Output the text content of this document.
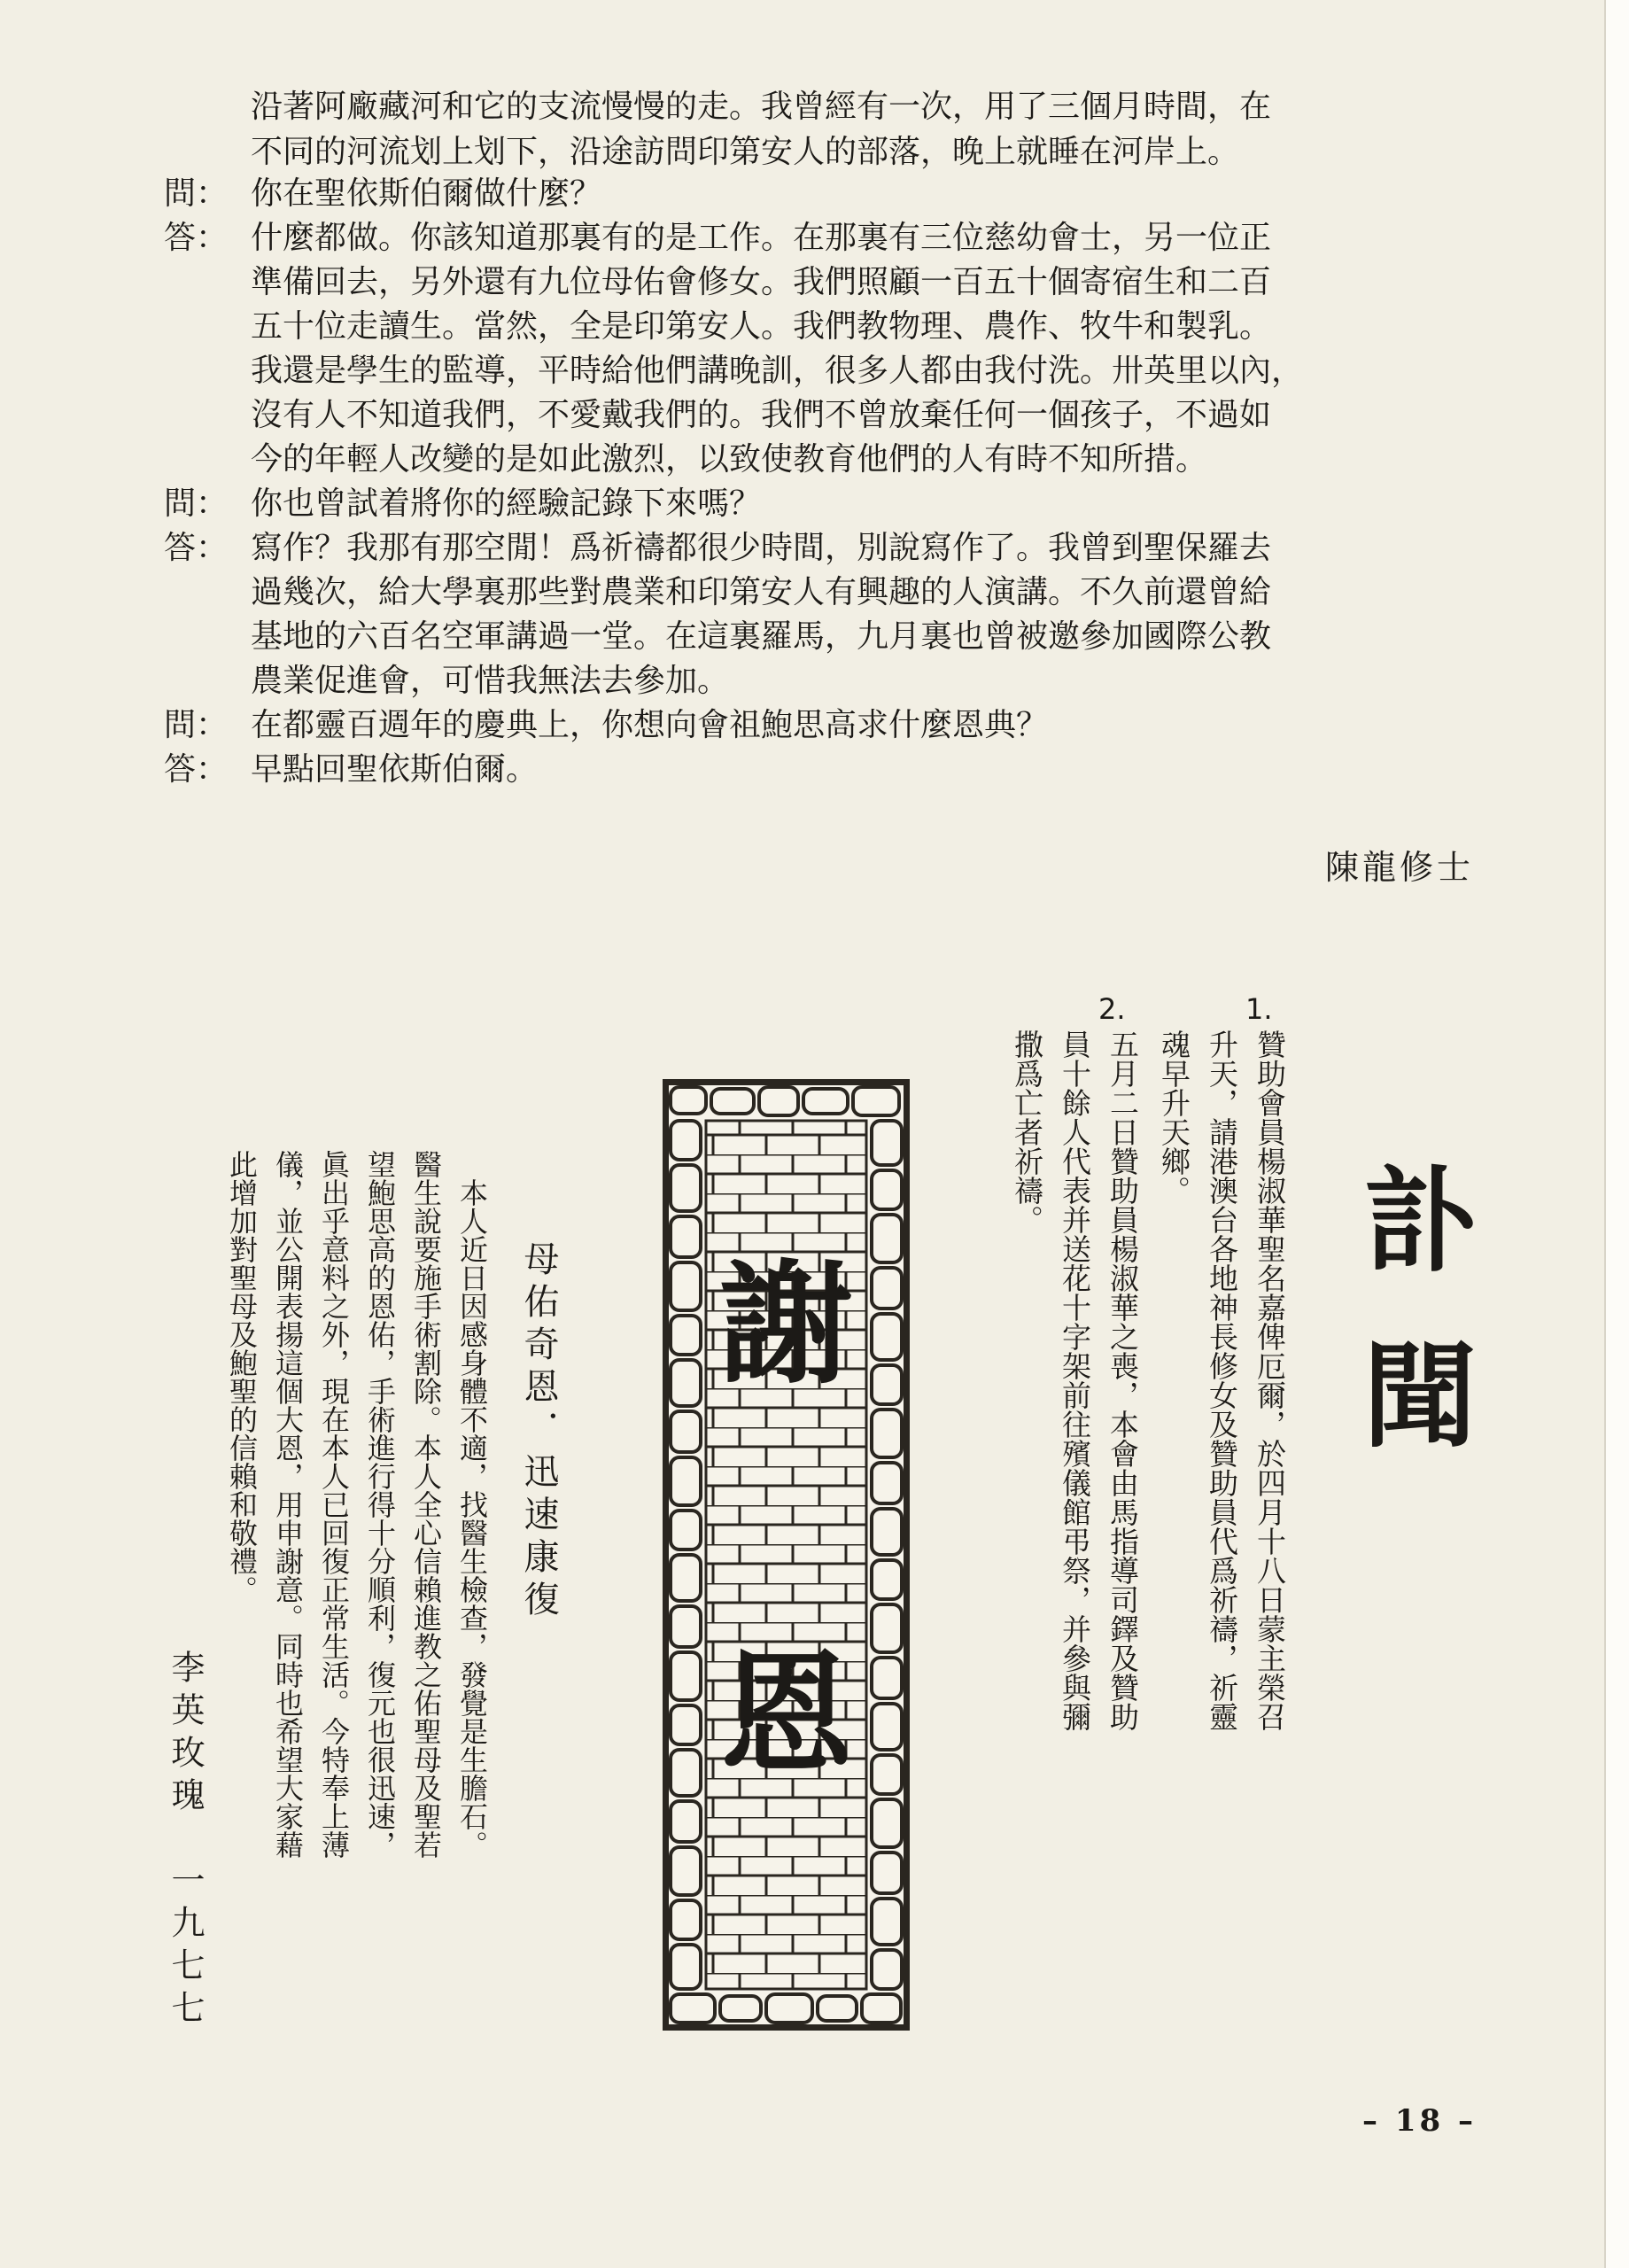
沿著阿廠藏河和它的支流慢慢的走。我曾經有一次，用了三個月時間，在
不同的河流划上划下，沿途訪問印第安人的部落，晚上就睡在河岸上。
問： 你在聖依斯伯爾做什麼？
答： 什麼都做。你該知道那裏有的是工作。在那裏有三位慈幼會士，另一位正
準備回去，另外還有九位母佑會修女。我們照顧一百五十個寄宿生和二百
五十位走讀生。當然，全是印第安人。我們教物理、農作、牧牛和製乳。
我還是學生的監導，平時給他們講晚訓，很多人都由我付洗。卅英里以內，
沒有人不知道我們，不愛戴我們的。我們不曾放棄任何一個孩子，不過如
今的年輕人改變的是如此激烈，以致使教育他們的人有時不知所措。
問： 你也曾試着將你的經驗記錄下來嗎？
答： 寫作？我那有那空閒！爲祈禱都很少時間，別說寫作了。我曾到聖保羅去
過幾次，給大學裏那些對農業和印第安人有興趣的人演講。不久前還曾給
基地的六百名空軍講過一堂。在這裏羅馬，九月裏也曾被邀參加國際公教
農業促進會，可惜我無法去參加。
問： 在都靈百週年的慶典上，你想向會祖鮑思高求什麼恩典？
答： 早點回聖依斯伯爾。
陳龍修士
訃聞
1.
贊助會員楊淑華聖名嘉俾厄爾，於四月十八日蒙主榮召
升天，請港澳台各地神長修女及贊助員代爲祈禱，祈靈
魂早升天鄉。
2.
五月二日贊助員楊淑華之喪，本會由馬指導司鐸及贊助
員十餘人代表并送花十字架前往殯儀館弔祭，并參與彌
撒爲亡者祈禱。
謝
恩
母佑奇恩．迅速康復
本人近日因感身體不適，找醫生檢查，發覺是生膽石。
醫生說要施手術割除。本人全心信賴進教之佑聖母及聖若
望鮑思高的恩佑，手術進行得十分順利，復元也很迅速，
眞出乎意料之外，現在本人已回復正常生活。今特奉上薄
儀，並公開表揚這個大恩，用申謝意。同時也希望大家藉
此增加對聖母及鮑聖的信賴和敬禮。
李英玫瑰　一九七七
– 18 –
